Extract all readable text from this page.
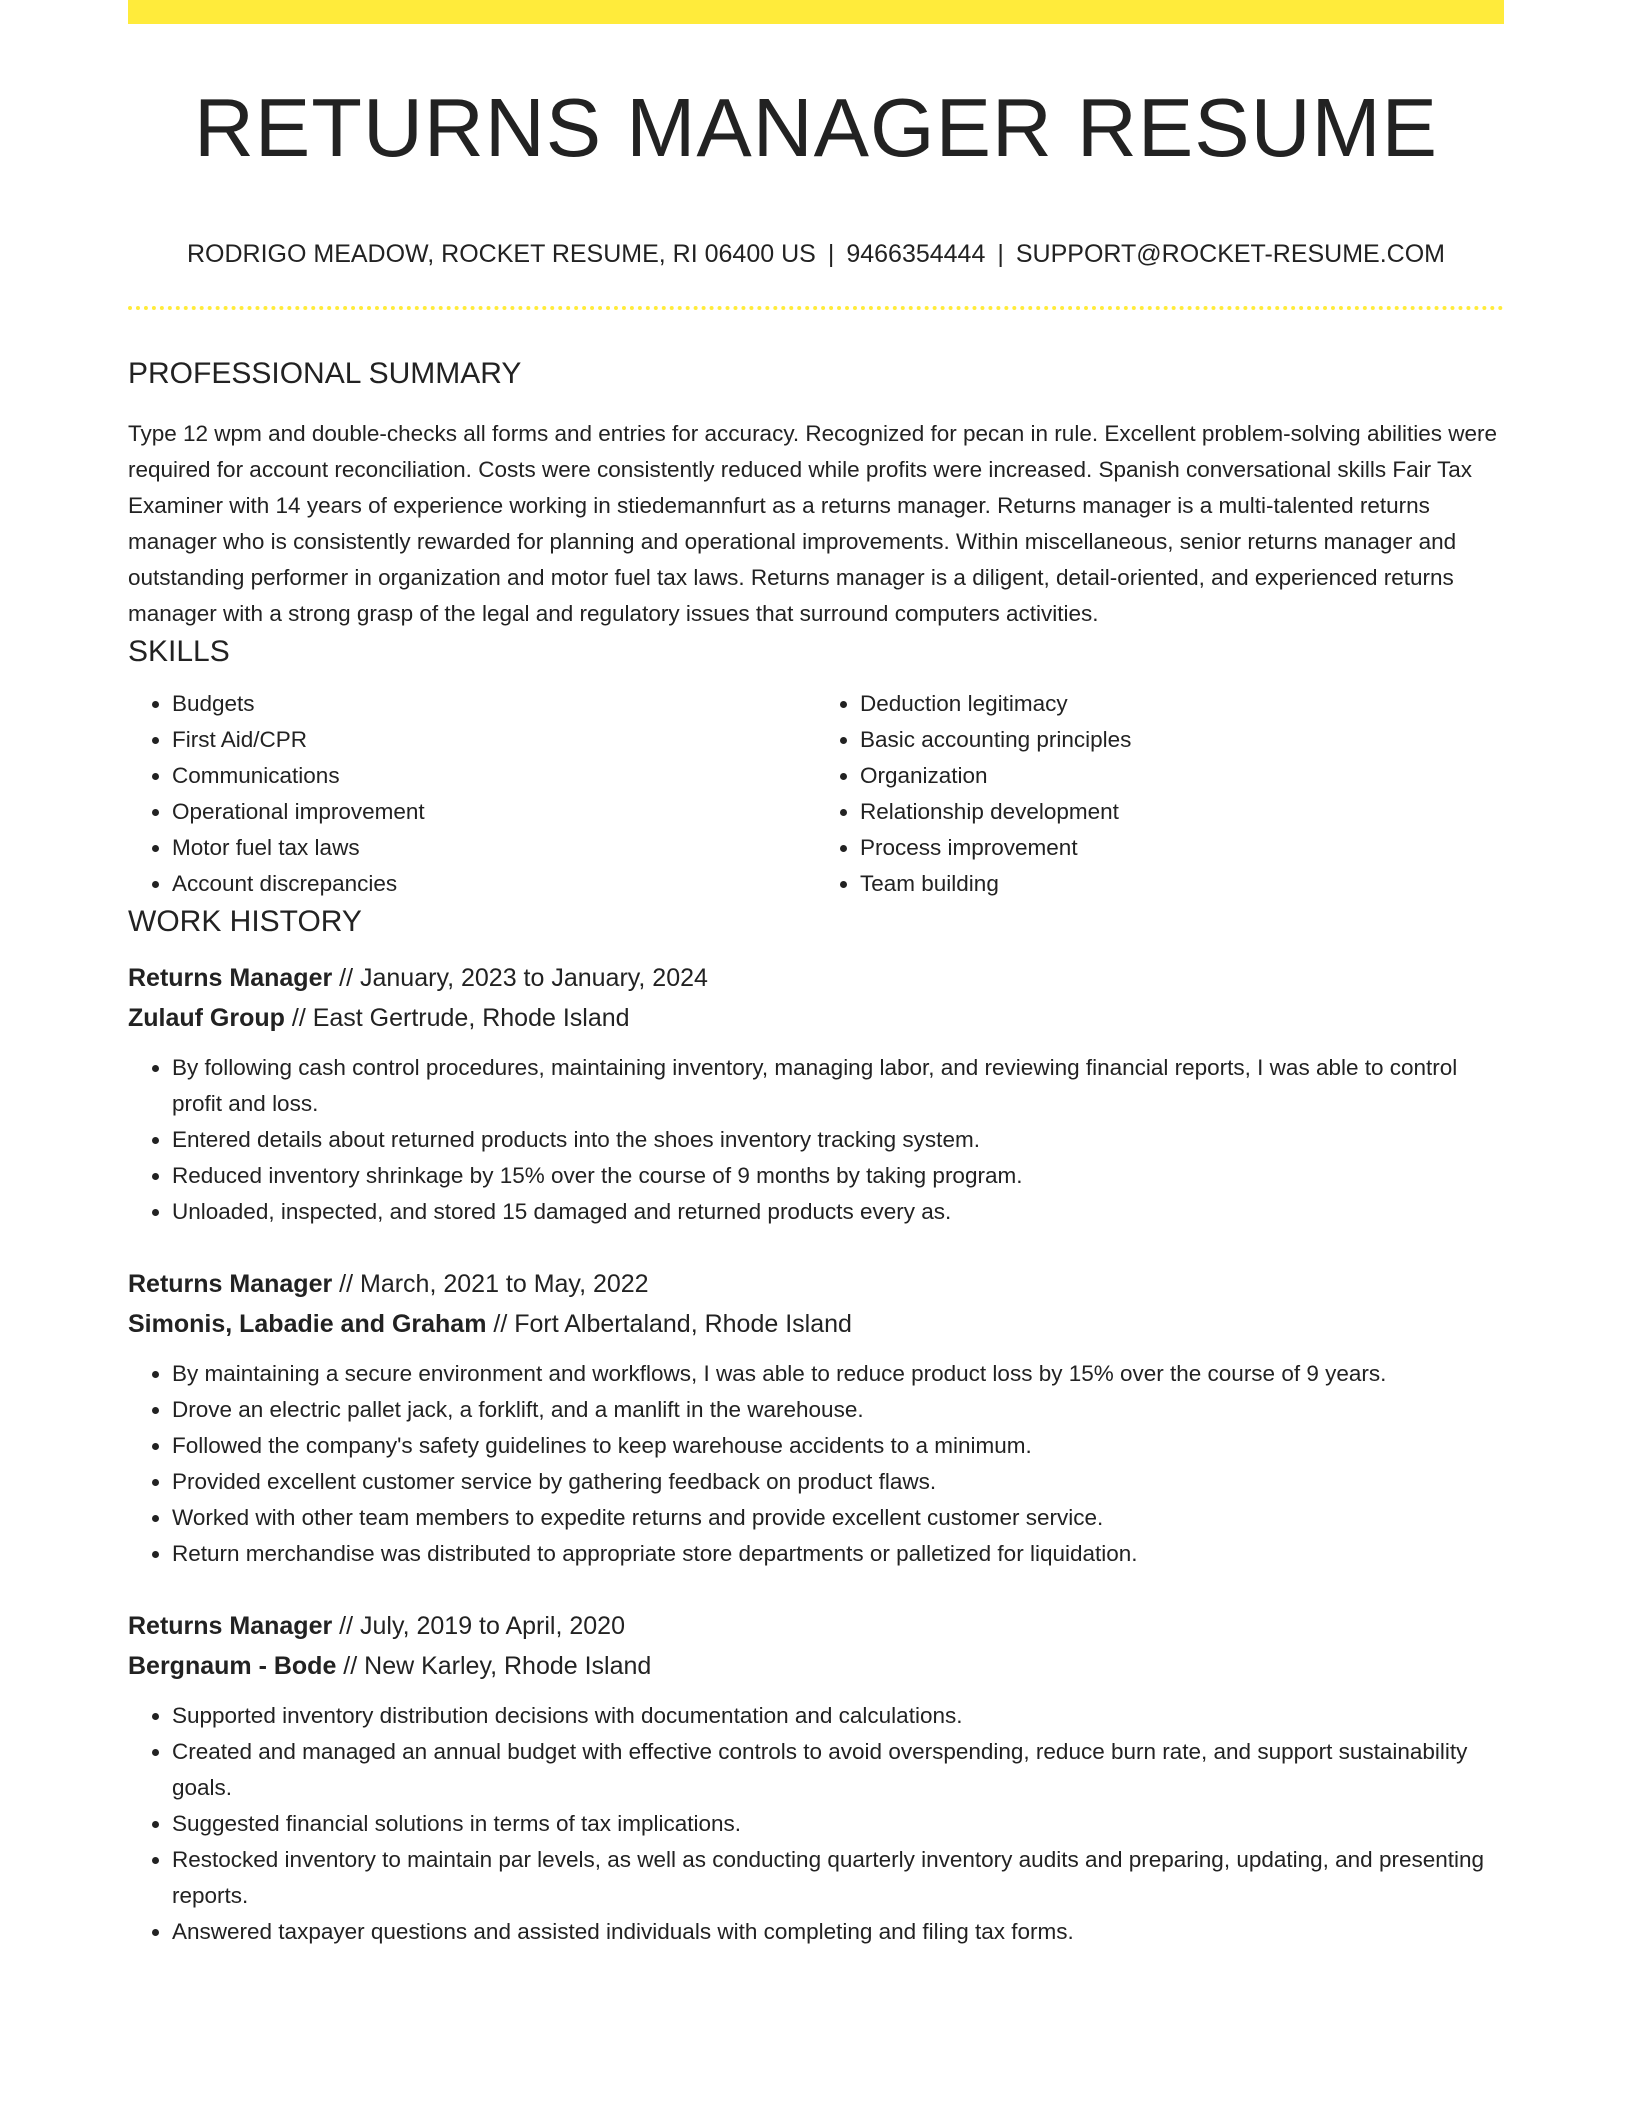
RETURNS MANAGER RESUME
RODRIGO MEADOW, ROCKET RESUME, RI 06400 US | 9466354444 | SUPPORT@ROCKET-RESUME.COM
PROFESSIONAL SUMMARY

Type 12 wpm and double-checks all forms and entries for accuracy. Recognized for pecan in rule. Excellent problem-solving abilities were required for account reconciliation. Costs were consistently reduced while profits were increased. Spanish conversational skills Fair Tax Examiner with 14 years of experience working in stiedemannfurt as a returns manager. Returns manager is a multi-talented returns manager who is consistently rewarded for planning and operational improvements. Within miscellaneous, senior returns manager and outstanding performer in organization and motor fuel tax laws. Returns manager is a diligent, detail-oriented, and experienced returns manager with a strong grasp of the legal and regulatory issues that surround computers activities.

SKILLS
• Budgets
• First Aid/CPR
• Communications
• Operational improvement
• Motor fuel tax laws
• Account discrepancies
• Deduction legitimacy
• Basic accounting principles
• Organization
• Relationship development
• Process improvement
• Team building
WORK HISTORY
Returns Manager // January, 2023 to January, 2024
Zulauf Group // East Gertrude, Rhode Island
• By following cash control procedures, maintaining inventory, managing labor, and reviewing financial reports, I was able to control profit and loss.
• Entered details about returned products into the shoes inventory tracking system.
• Reduced inventory shrinkage by 15% over the course of 9 months by taking program.
• Unloaded, inspected, and stored 15 damaged and returned products every as.
Returns Manager // March, 2021 to May, 2022
Simonis, Labadie and Graham // Fort Albertaland, Rhode Island
• By maintaining a secure environment and workflows, I was able to reduce product loss by 15% over the course of 9 years.
• Drove an electric pallet jack, a forklift, and a manlift in the warehouse.
• Followed the company's safety guidelines to keep warehouse accidents to a minimum.
• Provided excellent customer service by gathering feedback on product flaws.
• Worked with other team members to expedite returns and provide excellent customer service.
• Return merchandise was distributed to appropriate store departments or palletized for liquidation.
Returns Manager // July, 2019 to April, 2020
Bergnaum - Bode // New Karley, Rhode Island
• Supported inventory distribution decisions with documentation and calculations.
• Created and managed an annual budget with effective controls to avoid overspending, reduce burn rate, and support sustainability goals.
• Suggested financial solutions in terms of tax implications.
• Restocked inventory to maintain par levels, as well as conducting quarterly inventory audits and preparing, updating, and presenting reports.
• Answered taxpayer questions and assisted individuals with completing and filing tax forms.
